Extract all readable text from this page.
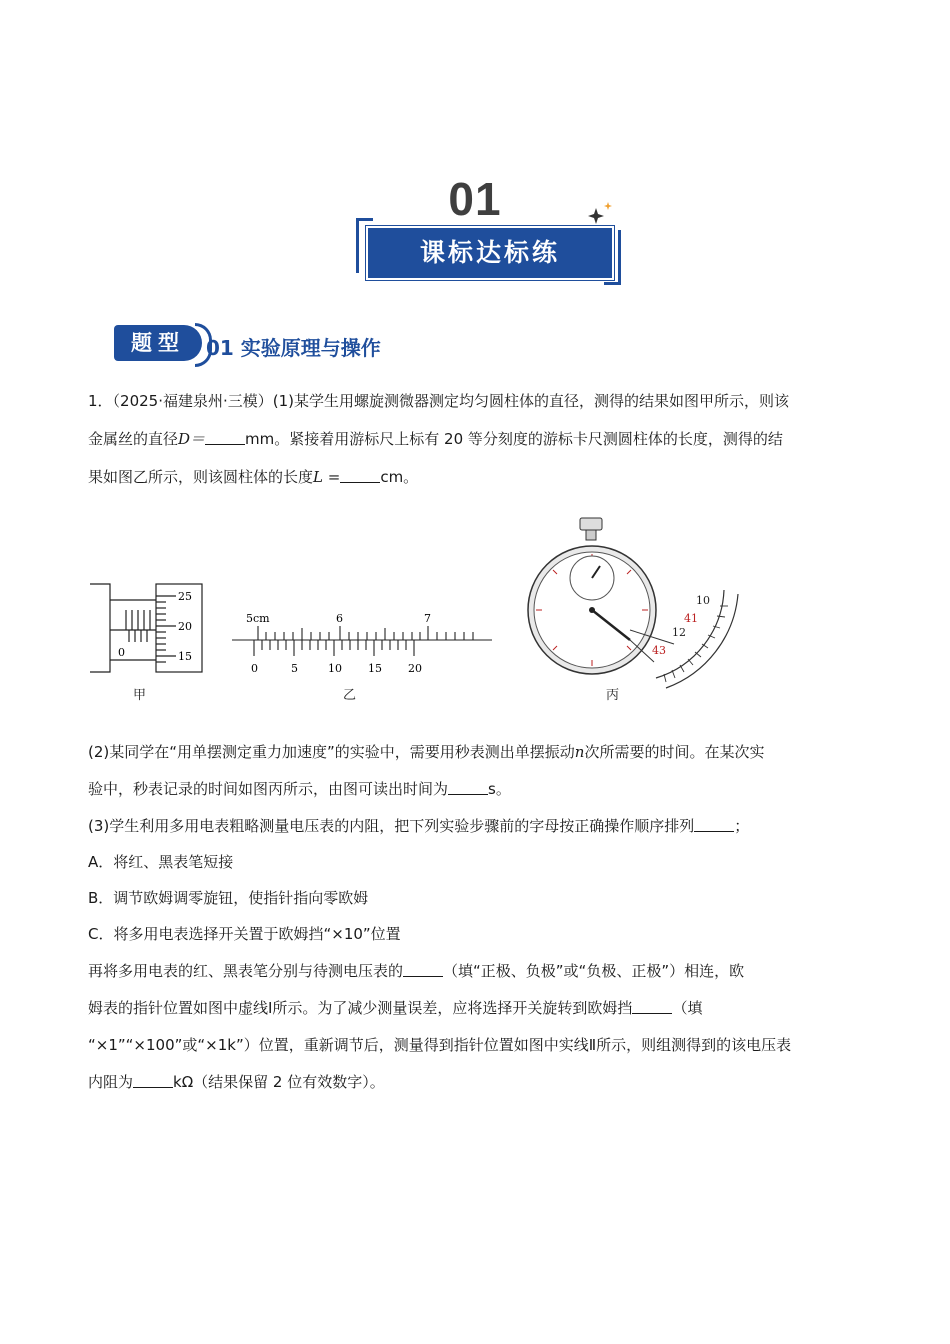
01
课标达标练
题型	01 实验原理与操作
1．（2025·福建泉州·三模）(1)某学生用螺旋测微器测定均匀圆柱体的直径，测得的结果如图甲所示，则该
金属丝的直径D＝	mm。紧接着用游标尺上标有 20 等分刻度的游标卡尺测圆柱体的长度，测得的结
果如图乙所示，则该圆柱体的长度L =	cm。
25
20
15
0
甲
5cm	6	7
0	5	10 15 20
乙
10
41
12
43
丙
(2)某同学在“用单摆测定重力加速度”的实验中，需要用秒表测出单摆振动n次所需要的时间。在某次实
验中，秒表记录的时间如图丙所示，由图可读出时间为	s。
(3)学生利用多用电表粗略测量电压表的内阻，把下列实验步骤前的字母按正确操作顺序排列	；
A．将红、黑表笔短接
B．调节欧姆调零旋钮，使指针指向零欧姆
C．将多用电表选择开关置于欧姆挡“×10”位置
再将多用电表的红、黑表笔分别与待测电压表的	（填“正极、负极”或“负极、正极”）相连，欧
姆表的指针位置如图中虚线Ⅰ所示。为了减少测量误差，应将选择开关旋转到欧姆挡	（填
“×1”“×100”或“×1k”）位置，重新调节后，测量得到指针位置如图中实线Ⅱ所示，则组测得到的该电压表
内阻为	kΩ（结果保留 2 位有效数字）。
